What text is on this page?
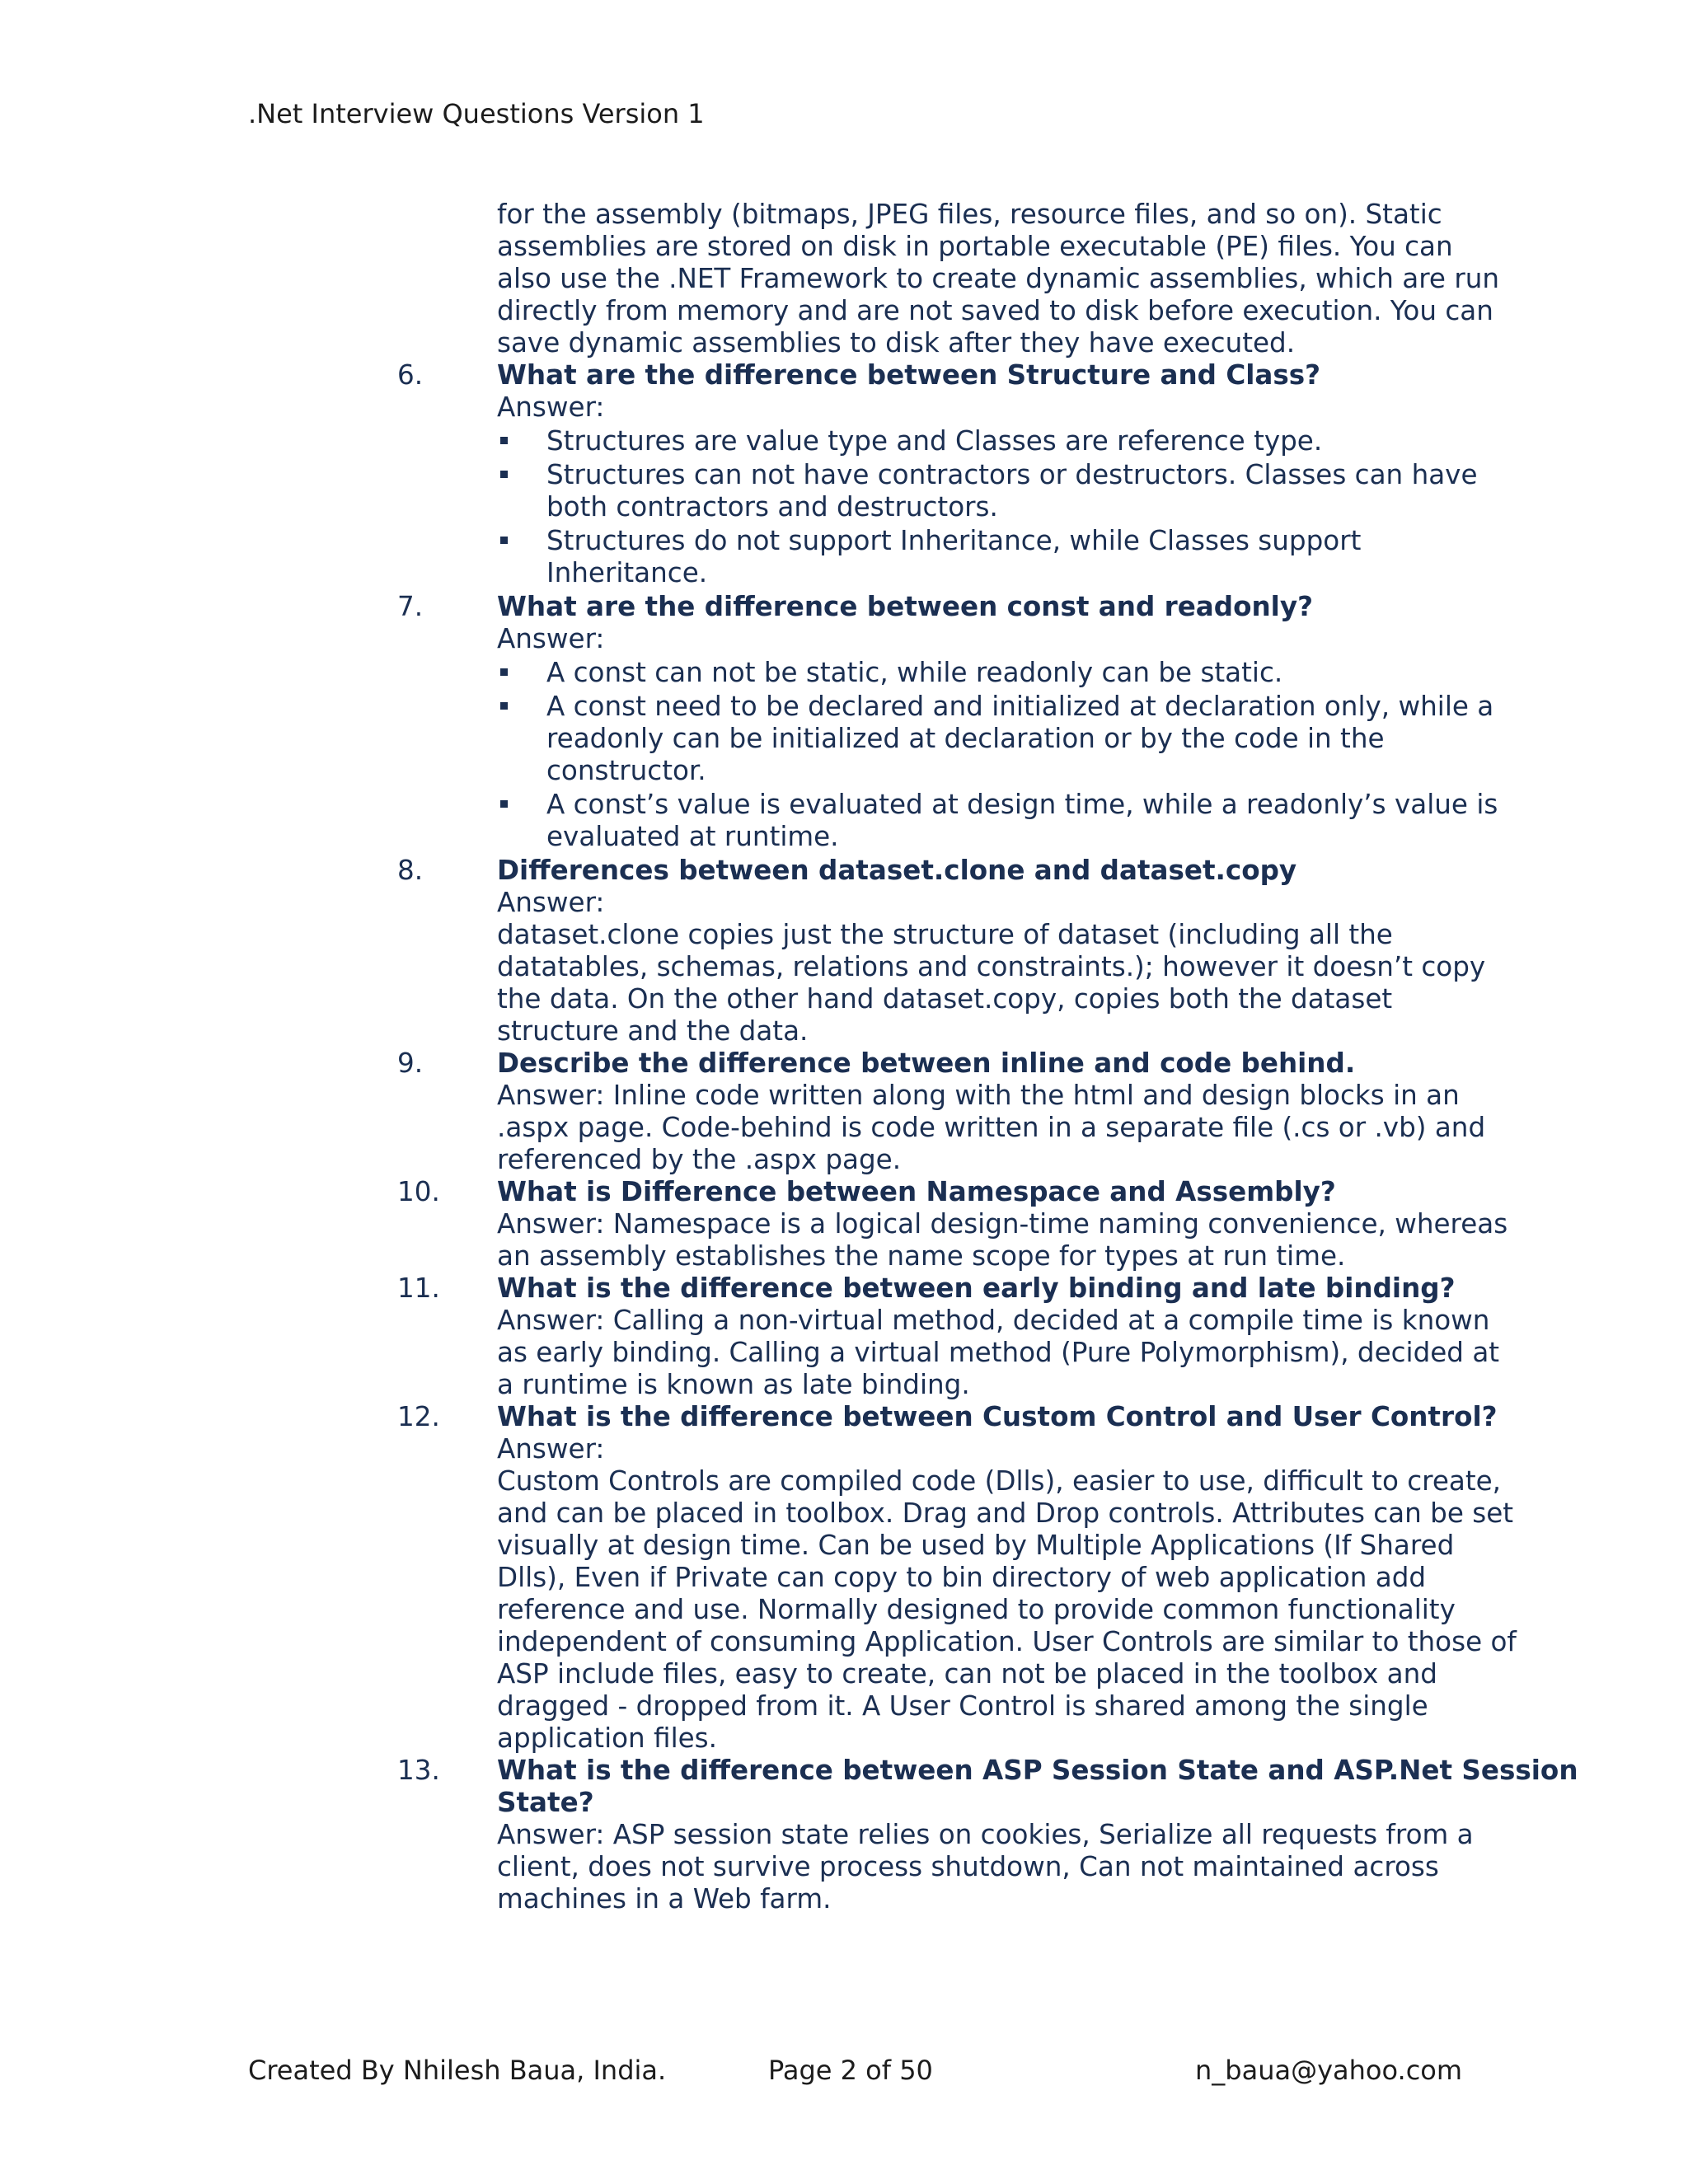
.Net Interview Questions Version 1
for the assembly (bitmaps, JPEG files, resource files, and so on). Static
assemblies are stored on disk in portable executable (PE) files. You can
also use the .NET Framework to create dynamic assemblies, which are run
directly from memory and are not saved to disk before execution. You can
save dynamic assemblies to disk after they have executed.
6.	What are the difference between Structure and Class?
Answer:
Structures are value type and Classes are reference type.
Structures can not have contractors or destructors. Classes can have
both contractors and destructors.
Structures do not support Inheritance, while Classes support
Inheritance.
7.	What are the difference between const and readonly?
Answer:
A const can not be static, while readonly can be static.
A const need to be declared and initialized at declaration only, while a
readonly can be initialized at declaration or by the code in the
constructor.
A const’s value is evaluated at design time, while a readonly’s value is
evaluated at runtime.
8.	Differences between dataset.clone and dataset.copy
Answer:
dataset.clone copies just the structure of dataset (including all the
datatables, schemas, relations and constraints.); however it doesn’t copy
the data. On the other hand dataset.copy, copies both the dataset
structure and the data.
9.	Describe the difference between inline and code behind.
Answer: Inline code written along with the html and design blocks in an
.aspx page. Code-behind is code written in a separate file (.cs or .vb) and
referenced by the .aspx page.
10. What is Difference between Namespace and Assembly?
Answer: Namespace is a logical design-time naming convenience, whereas
an assembly establishes the name scope for types at run time.
11. What is the difference between early binding and late binding?
Answer: Calling a non-virtual method, decided at a compile time is known
as early binding. Calling a virtual method (Pure Polymorphism), decided at
a runtime is known as late binding.
12. What is the difference between Custom Control and User Control?
Answer:
Custom Controls are compiled code (Dlls), easier to use, difficult to create,
and can be placed in toolbox. Drag and Drop controls. Attributes can be set
visually at design time. Can be used by Multiple Applications (If Shared
Dlls), Even if Private can copy to bin directory of web application add
reference and use. Normally designed to provide common functionality
independent of consuming Application. User Controls are similar to those of
ASP include files, easy to create, can not be placed in the toolbox and
dragged - dropped from it. A User Control is shared among the single
application files.
13. What is the difference between ASP Session State and ASP.Net Session
State?
Answer: ASP session state relies on cookies, Serialize all requests from a
client, does not survive process shutdown, Can not maintained across
machines in a Web farm.
Created By Nhilesh Baua, India.	Page 2 of 50	n_baua@yahoo.com
